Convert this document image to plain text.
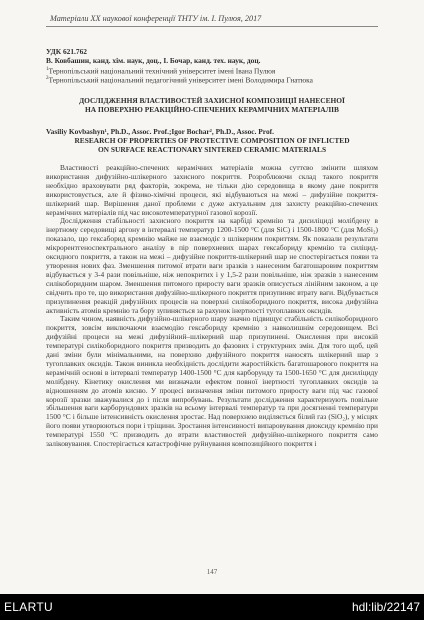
Матеріали XX наукової конференції ТНТУ ім. І. Пулюя, 2017
УДК 621.762
В. Ковбашин, канд. хім. наук, доц., І. Бочар, канд. тех. наук, доц.
$^1$Тернопільський національний технічний університет імені Івана Пулюя
$^2$Тернопільський національний педагогічний університет імені Володимира Гнатюка
ДОСЛІДЖЕННЯ ВЛАСТИВОСТЕЙ ЗАХИСНОЇ КОМПОЗИЦІЇ НАНЕСЕНОЇ
НА ПОВЕРХНЮ РЕАКЦІЙНО-СПЕЧЕНИХ КЕРАМІЧНИХ МАТЕРІАЛІВ
Vasiliy Kovbashyn¹, Ph.D., Assoc. Prof.;Igor Bochar², Ph.D., Assoc. Prof.
RESEARCH OF PROPERTIES OF PROTECTIVE COMPOSITION OF INFLICTED
ON SURFACE REACTIONARY SINTERED CERAMIC MATERIALS

Властивості реакційно-спечених керамічних матеріалів можна суттєво змінити шляхом використання дифузійно-шлікерного захисного покриття. Розроблюючи склад такого покриття необхідно враховувати ряд факторів, зокрема, не тільки дію середовища в якому дане покриття використовується, але й фізико-хімічні процеси, які відбуваються на межі – дифузійне покриття-шлікерний шар. Вирішення даної проблеми є дуже актуальним для захисту реакційно-спечених керамічних матеріалів під час високотемпературної газової корозії.

Дослідження стабільності захисного покриття на карбіді кремнію та дисиліциді молібдену в інертному середовищі аргону в інтервалі температур 1200-1500 °С (для SiC) і 1500-1800 °С (для MoSi₂) показало, що гексаборид кремнію майже не взаємодіє з шлікерним покриттям. Як показали результати мікрорентгеноспектрального аналізу в пiр поверхневих шарах гексабориду кремнію та силіцид-оксидного покриття, а також на межі – дифузійне покриття-шлікерний шар не спостерігається появи та утворення нових фаз. Зменшення питомої втрати ваги зразків з нанесеним багатошаровим покриттям відбувається у 3-4 рази повільніше, ніж непокритих і у 1,5-2 рази повільніше, ніж зразків з нанесеним силікоборидним шаром. Зменшення питомого приросту ваги зразків описується лінійним законом, а це свідчить про те, що використання дифузійно-шлікерного покриття призупиняє втрату ваги. Відбувається призупинення реакцій дифузійних процесів на поверхні силікоборидного покриття, висока дифузійна активність атомів кремнію та бору зупиняється за рахунок інертності тугоплавких оксидів.

Таким чином, наявність дифузійно-шлікерного шару значно підвищує стабільність силікоборидного покриття, зовсім виключаючи взаємодію гексабориду кремнію з навколишнім середовищем. Всі дифузійні процеси на межі дифузійний–шлікерний шар призупинені. Окислення при високій температурі силікоборидного покриття призводить до фазових і структурних змін. Для того щоб, цей дані зміни були мінімальними, на поверхню дифузійного покриття наносять шлікерний шар з тугоплавких оксидів. Також виникла необхідність дослідити жаростійкість багатошарового покриття на керамічній основі в інтервалі температур 1400-1500 °С для карборунду та 1500-1650 °С для дисиліциду молібдену. Кінетику окислення ми визначали ефектом повної інертності тугоплавких оксидів за відношенням до атомів кисню. У процесі визначення зміни питомого приросту ваги під час газової корозії зразки зважувалися до і після випробувань. Результати дослідження характеризують повільне збільшення ваги карборундових зразків на всьому інтервалі температур та при досягненні температури 1500 °С і більше інтенсивність окислення зростає. Над поверхнею виділяється білий газ (SiO₂), у місцях його появи утворюються пори і тріщини. Зростання інтенсивності випаровування диоксиду кремнію при температурі 1550 °С призводить до втрати властивостей дифузійно-шлікерного покриття само заліковування. Спостерігається катастрофічне руйнування композиційного покриття і

147
ELARTU	hdl:lib/22147
